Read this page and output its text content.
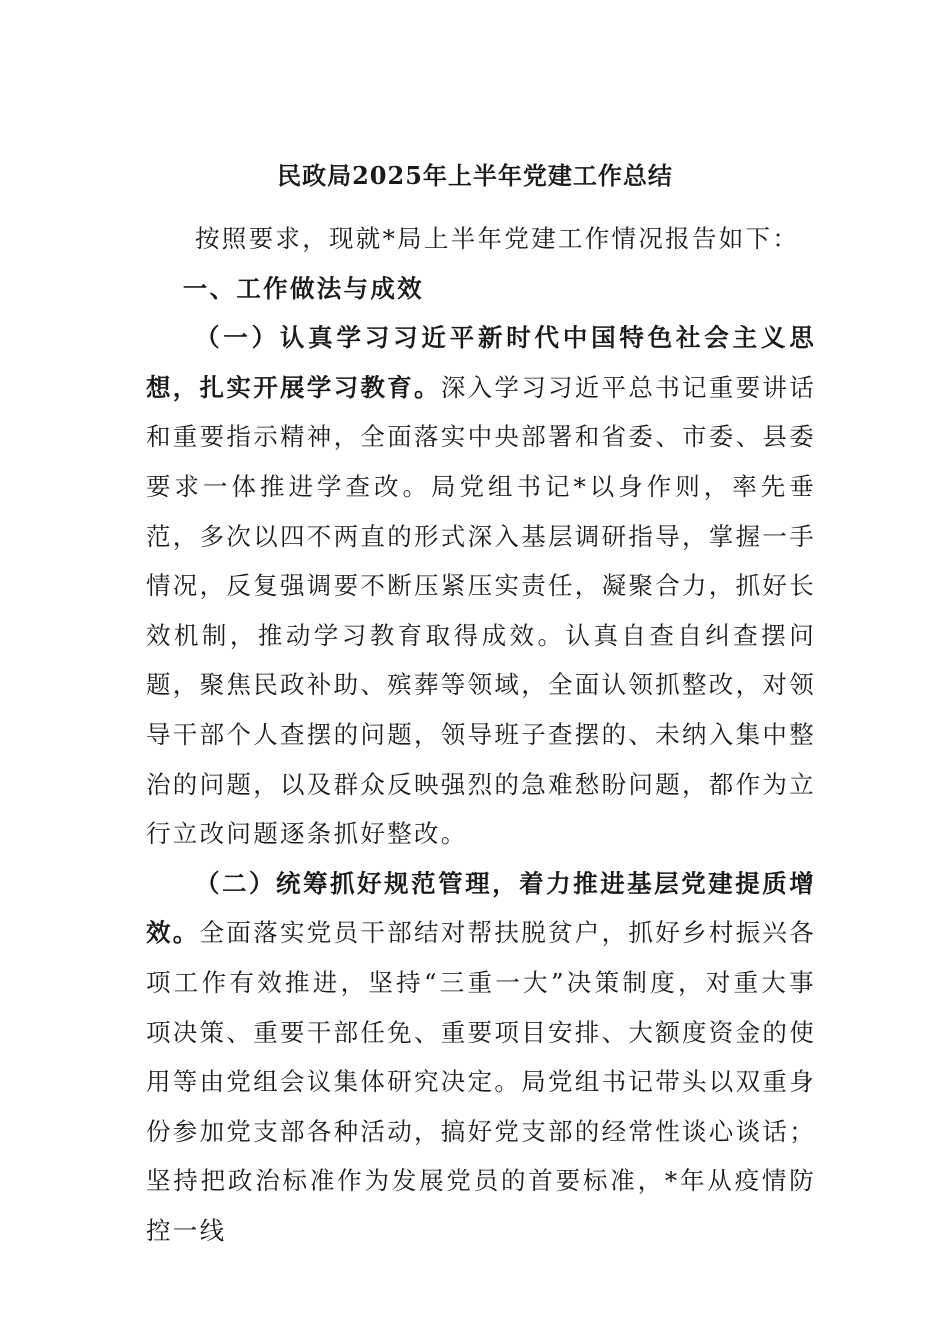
民政局2025年上半年党建工作总结

按照要求，现就*局上半年党建工作情况报告如下：

一、工作做法与成效

（一）认真学习习近平新时代中国特色社会主义思想，扎实开展学习教育。深入学习习近平总书记重要讲话和重要指示精神，全面落实中央部署和省委、市委、县委要求一体推进学查改。局党组书记*以身作则，率先垂范，多次以四不两直的形式深入基层调研指导，掌握一手情况，反复强调要不断压紧压实责任，凝聚合力，抓好长效机制，推动学习教育取得成效。认真自查自纠查摆问题，聚焦民政补助、殡葬等领域，全面认领抓整改，对领导干部个人查摆的问题，领导班子查摆的、未纳入集中整治的问题，以及群众反映强烈的急难愁盼问题，都作为立行立改问题逐条抓好整改。

（二）统筹抓好规范管理，着力推进基层党建提质增效。全面落实党员干部结对帮扶脱贫户，抓好乡村振兴各项工作有效推进，坚持“三重一大”决策制度，对重大事项决策、重要干部任免、重要项目安排、大额度资金的使用等由党组会议集体研究决定。局党组书记带头以双重身份参加党支部各种活动，搞好党支部的经常性谈心谈话；坚持把政治标准作为发展党员的首要标准，*年从疫情防控一线
